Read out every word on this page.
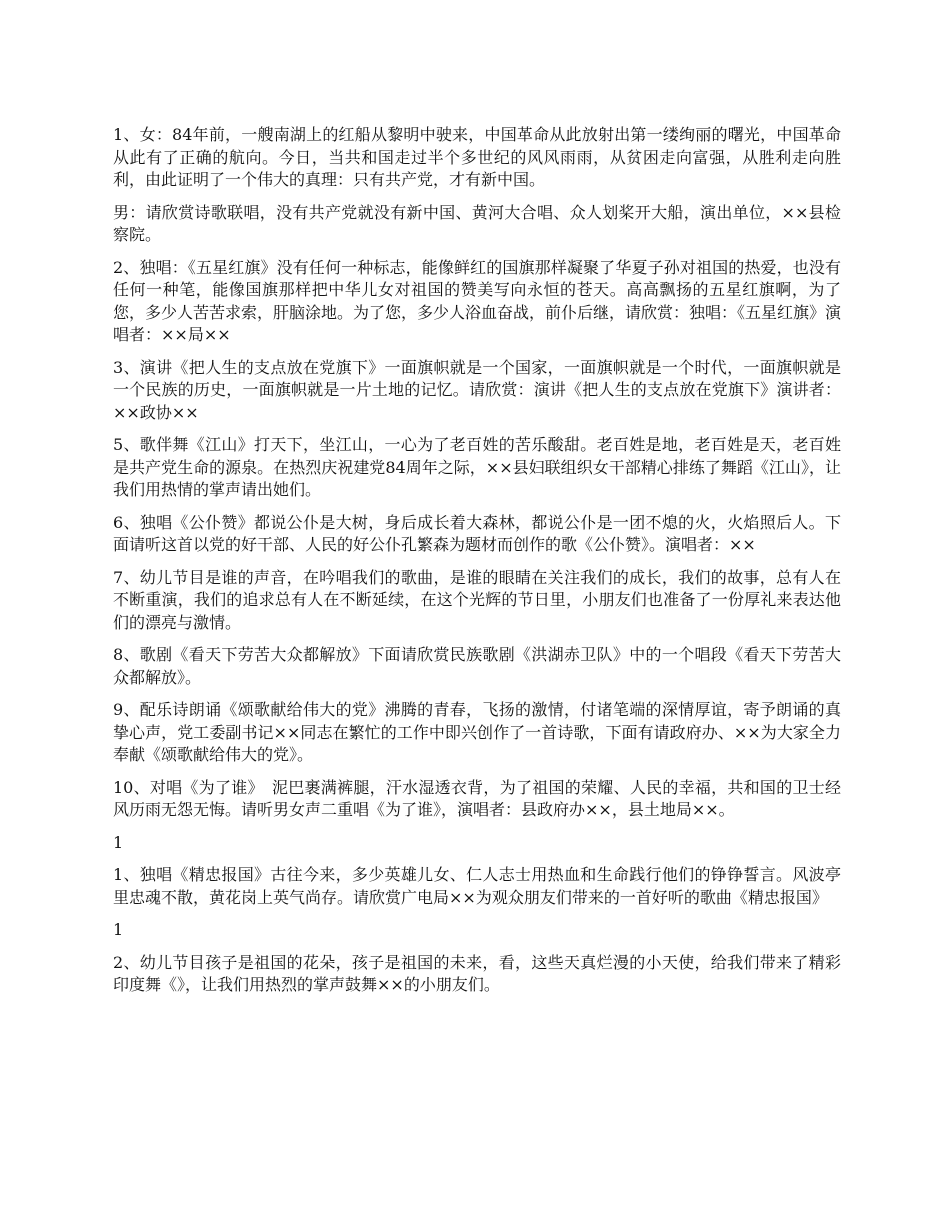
1、女：84年前，一艘南湖上的红船从黎明中驶来，中国革命从此放射出第一缕绚丽的曙光，中国革命从此有了正确的航向。今日，当共和国走过半个多世纪的风风雨雨，从贫困走向富强，从胜利走向胜利，由此证明了一个伟大的真理：只有共产党，才有新中国。

男：请欣赏诗歌联唱，没有共产党就没有新中国、黄河大合唱、众人划桨开大船，演出单位，××县检察院。

2、独唱：《五星红旗》没有任何一种标志，能像鲜红的国旗那样凝聚了华夏子孙对祖国的热爱，也没有任何一种笔，能像国旗那样把中华儿女对祖国的赞美写向永恒的苍天。高高飘扬的五星红旗啊，为了您，多少人苦苦求索，肝脑涂地。为了您，多少人浴血奋战，前仆后继，请欣赏：独唱：《五星红旗》演唱者：××局××

3、演讲《把人生的支点放在党旗下》一面旗帜就是一个国家，一面旗帜就是一个时代，一面旗帜就是一个民族的历史，一面旗帜就是一片土地的记忆。请欣赏：演讲《把人生的支点放在党旗下》演讲者：××政协××

5、歌伴舞《江山》打天下，坐江山，一心为了老百姓的苦乐酸甜。老百姓是地，老百姓是天，老百姓是共产党生命的源泉。在热烈庆祝建党84周年之际，××县妇联组织女干部精心排练了舞蹈《江山》，让我们用热情的掌声请出她们。

6、独唱《公仆赞》都说公仆是大树，身后成长着大森林，都说公仆是一团不熄的火，火焰照后人。下面请听这首以党的好干部、人民的好公仆孔繁森为题材而创作的歌《公仆赞》。演唱者：××

7、幼儿节目是谁的声音，在吟唱我们的歌曲，是谁的眼睛在关注我们的成长，我们的故事，总有人在不断重演，我们的追求总有人在不断延续，在这个光辉的节日里，小朋友们也准备了一份厚礼来表达他们的漂亮与激情。

8、歌剧《看天下劳苦大众都解放》下面请欣赏民族歌剧《洪湖赤卫队》中的一个唱段《看天下劳苦大众都解放》。

9、配乐诗朗诵《颂歌献给伟大的党》沸腾的青春，飞扬的激情，付诸笔端的深情厚谊，寄予朗诵的真挚心声，党工委副书记××同志在繁忙的工作中即兴创作了一首诗歌，下面有请政府办、××为大家全力奉献《颂歌献给伟大的党》。

10、对唱《为了谁》　泥巴裹满裤腿，汗水湿透衣背，为了祖国的荣耀、人民的幸福，共和国的卫士经风历雨无怨无悔。请听男女声二重唱《为了谁》，演唱者：县政府办××，县土地局××。

1

1、独唱《精忠报国》古往今来，多少英雄儿女、仁人志士用热血和生命践行他们的铮铮誓言。风波亭里忠魂不散，黄花岗上英气尚存。请欣赏广电局××为观众朋友们带来的一首好听的歌曲《精忠报国》

1

2、幼儿节目孩子是祖国的花朵，孩子是祖国的未来，看，这些天真烂漫的小天使，给我们带来了精彩印度舞《》，让我们用热烈的掌声鼓舞××的小朋友们。
